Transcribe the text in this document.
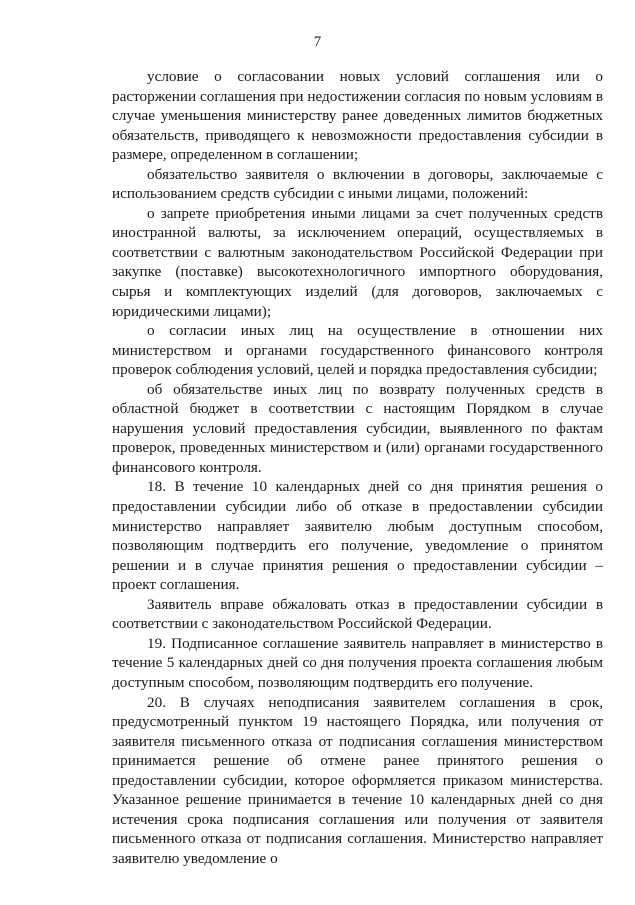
7

условие о согласовании новых условий соглашения или о расторжении соглашения при недостижении согласия по новым условиям в случае уменьшения министерству ранее доведенных лимитов бюджетных обязательств, приводящего к невозможности предоставления субсидии в размере, определенном в соглашении;

обязательство заявителя о включении в договоры, заключаемые с использованием средств субсидии с иными лицами, положений:

о запрете приобретения иными лицами за счет полученных средств иностранной валюты, за исключением операций, осуществляемых в соответствии с валютным законодательством Российской Федерации при закупке (поставке) высокотехнологичного импортного оборудования, сырья и комплектующих изделий (для договоров, заключаемых с юридическими лицами);

о согласии иных лиц на осуществление в отношении них министерством и органами государственного финансового контроля проверок соблюдения условий, целей и порядка предоставления субсидии;

об обязательстве иных лиц по возврату полученных средств в областной бюджет в соответствии с настоящим Порядком в случае нарушения условий предоставления субсидии, выявленного по фактам проверок, проведенных министерством и (или) органами государственного финансового контроля.

18. В течение 10 календарных дней со дня принятия решения о предоставлении субсидии либо об отказе в предоставлении субсидии министерство направляет заявителю любым доступным способом, позволяющим подтвердить его получение, уведомление о принятом решении и в случае принятия решения о предоставлении субсидии – проект соглашения.

Заявитель вправе обжаловать отказ в предоставлении субсидии в соответствии с законодательством Российской Федерации.

19. Подписанное соглашение заявитель направляет в министерство в течение 5 календарных дней со дня получения проекта соглашения любым доступным способом, позволяющим подтвердить его получение.

20. В случаях неподписания заявителем соглашения в срок, предусмотренный пунктом 19 настоящего Порядка, или получения от заявителя письменного отказа от подписания соглашения министерством принимается решение об отмене ранее принятого решения о предоставлении субсидии, которое оформляется приказом министерства. Указанное решение принимается в течение 10 календарных дней со дня истечения срока подписания соглашения или получения от заявителя письменного отказа от подписания соглашения. Министерство направляет заявителю уведомление о
